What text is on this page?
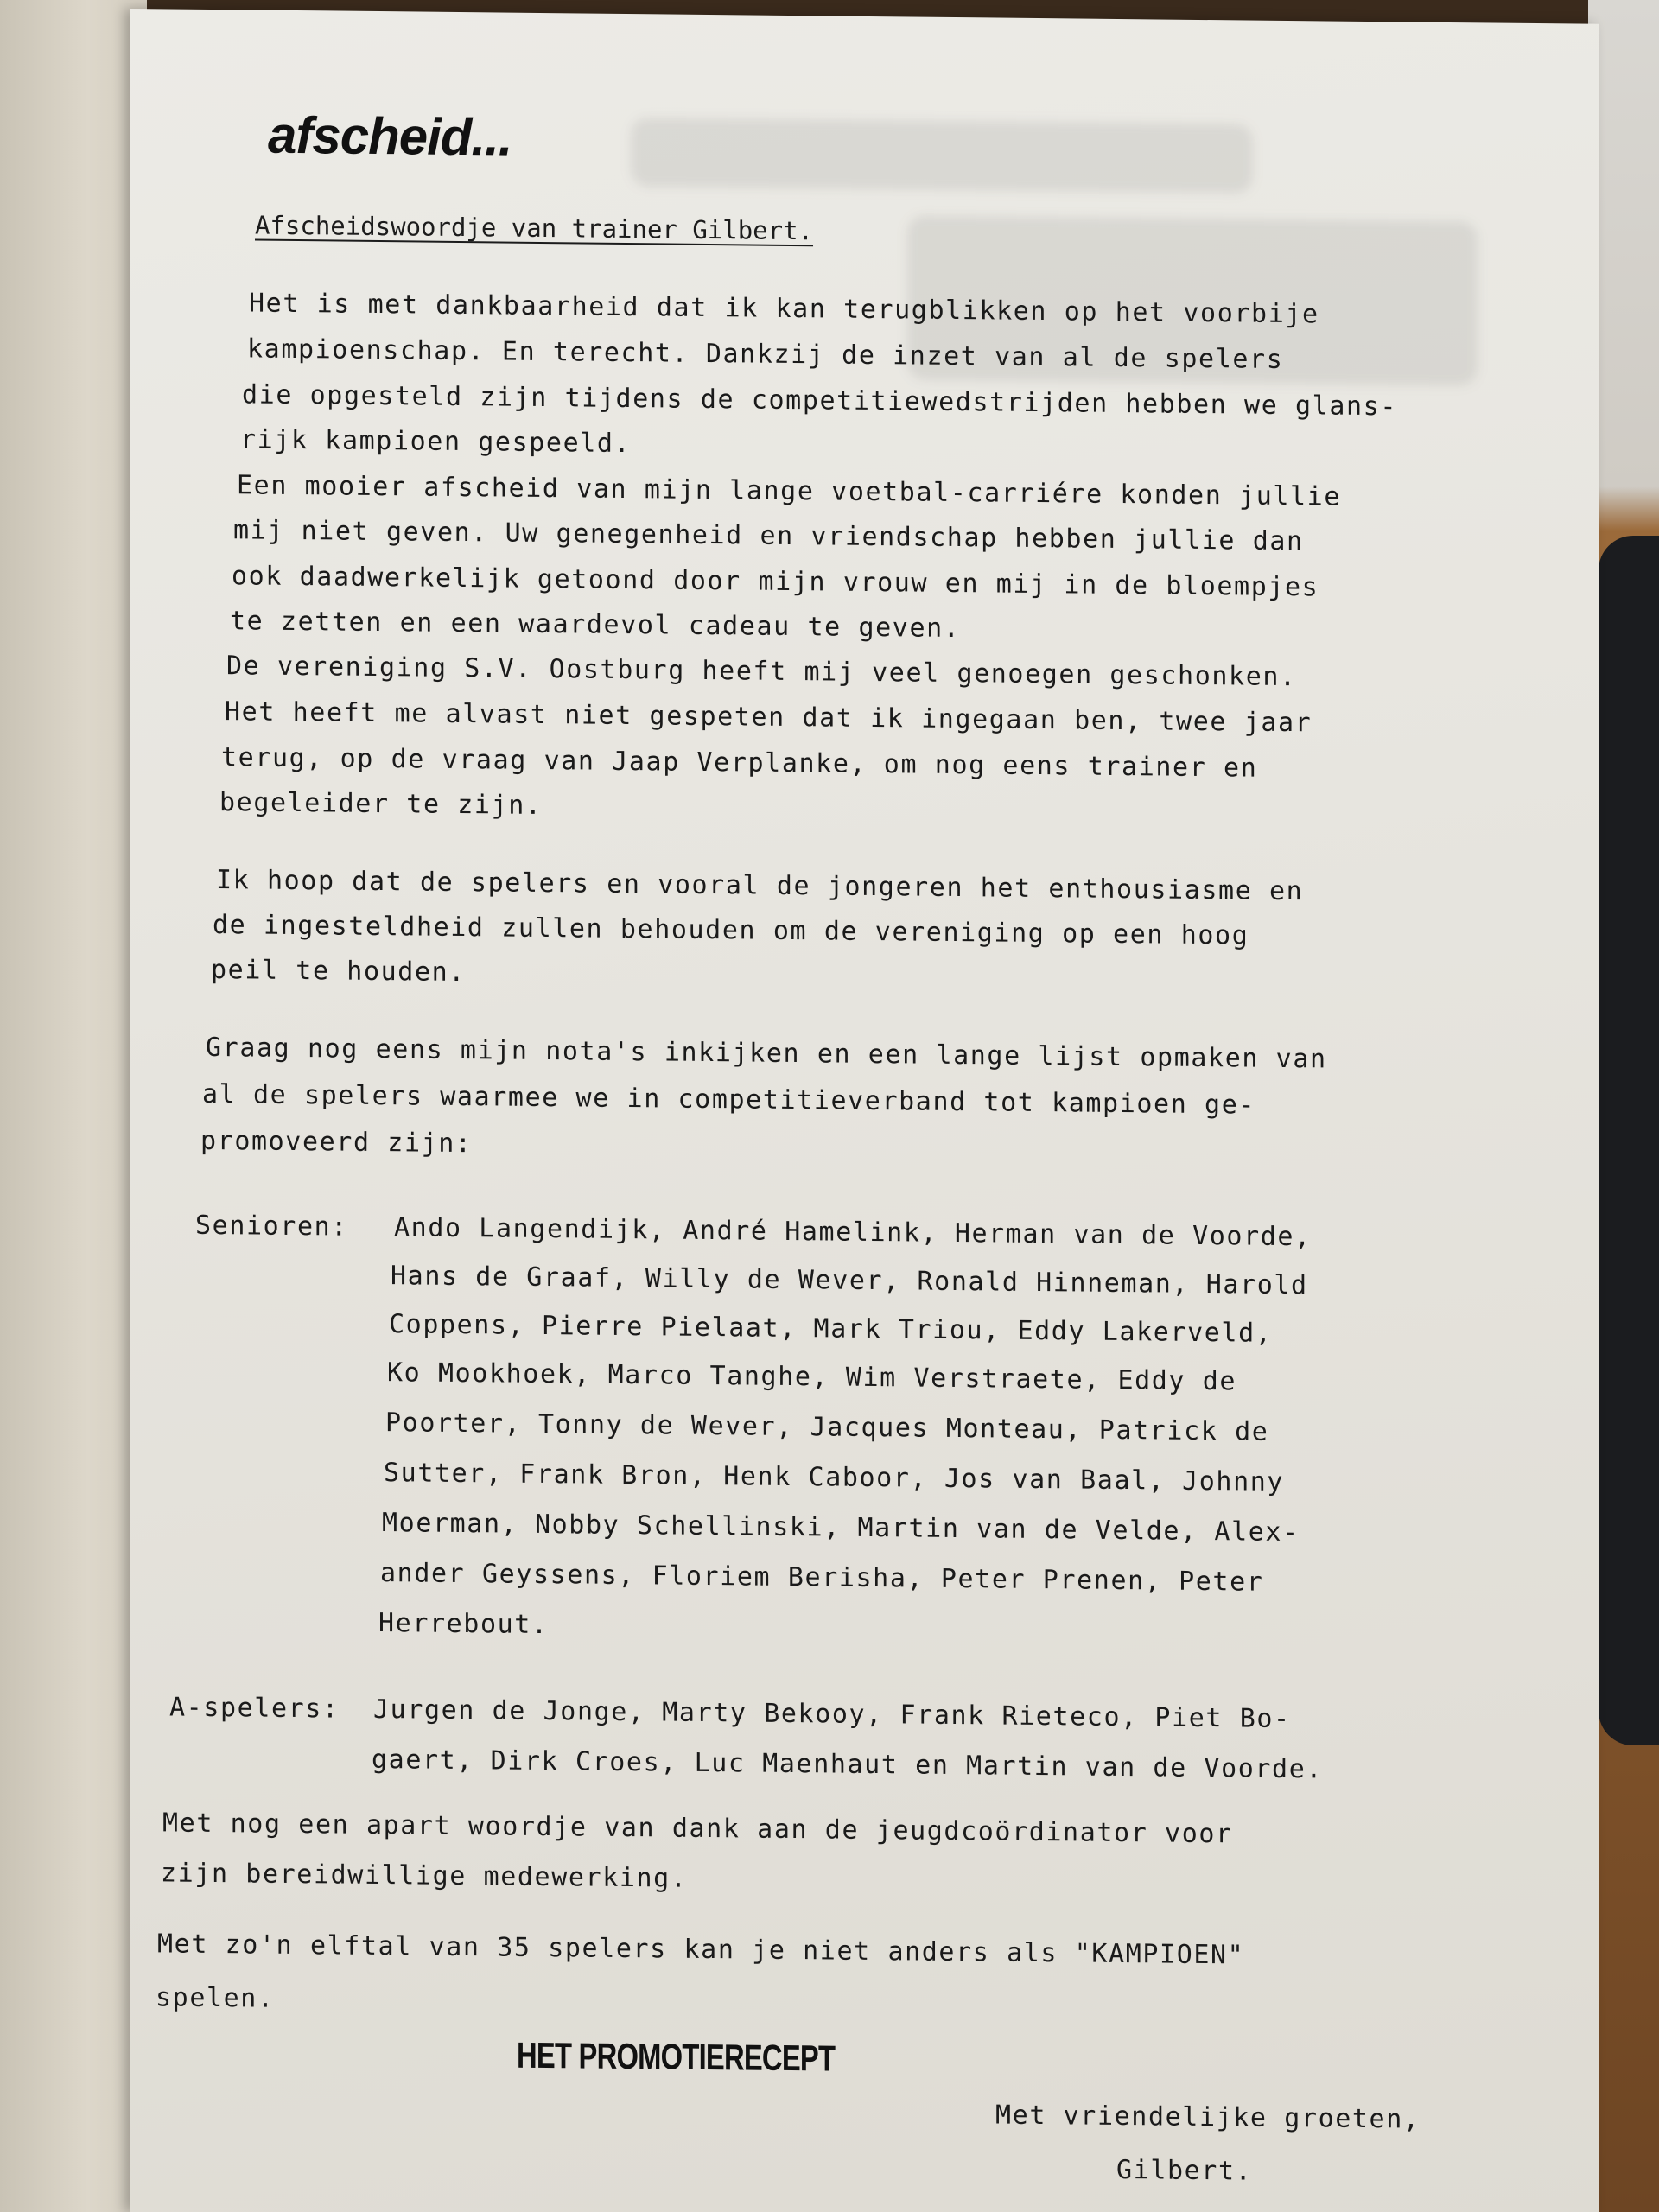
afscheid...
Afscheidswoordje van trainer Gilbert.
Het is met dankbaarheid dat ik kan terugblikken op het voorbije
kampioenschap. En terecht. Dankzij de inzet van al de spelers
die opgesteld zijn tijdens de competitiewedstrijden hebben we glans-
rijk kampioen gespeeld.
Een mooier afscheid van mijn lange voetbal-carriére konden jullie
mij niet geven. Uw genegenheid en vriendschap hebben jullie dan
ook daadwerkelijk getoond door mijn vrouw en mij in de bloempjes
te zetten en een waardevol cadeau te geven.
De vereniging S.V. Oostburg heeft mij veel genoegen geschonken.
Het heeft me alvast niet gespeten dat ik ingegaan ben, twee jaar
terug, op de vraag van Jaap Verplanke, om nog eens trainer en
begeleider te zijn.
Ik hoop dat de spelers en vooral de jongeren het enthousiasme en
de ingesteldheid zullen behouden om de vereniging op een hoog
peil te houden.
Graag nog eens mijn nota's inkijken en een lange lijst opmaken van
al de spelers waarmee we in competitieverband tot kampioen ge-
promoveerd zijn:
Senioren: Ando Langendijk, André Hamelink, Herman van de Voorde,
Hans de Graaf, Willy de Wever, Ronald Hinneman, Harold
Coppens, Pierre Pielaat, Mark Triou, Eddy Lakerveld,
Ko Mookhoek, Marco Tanghe, Wim Verstraete, Eddy de
Poorter, Tonny de Wever, Jacques Monteau, Patrick de
Sutter, Frank Bron, Henk Caboor, Jos van Baal, Johnny
Moerman, Nobby Schellinski, Martin van de Velde, Alex-
ander Geyssens, Floriem Berisha, Peter Prenen, Peter
Herrebout.
A-spelers: Jurgen de Jonge, Marty Bekooy, Frank Rieteco, Piet Bo-
gaert, Dirk Croes, Luc Maenhaut en Martin van de Voorde.
Met nog een apart woordje van dank aan de jeugdcoördinator voor
zijn bereidwillige medewerking.
Met zo'n elftal van 35 spelers kan je niet anders als "KAMPIOEN"
spelen.
HET PROMOTIERECEPT
Met vriendelijke groeten,
Gilbert.
